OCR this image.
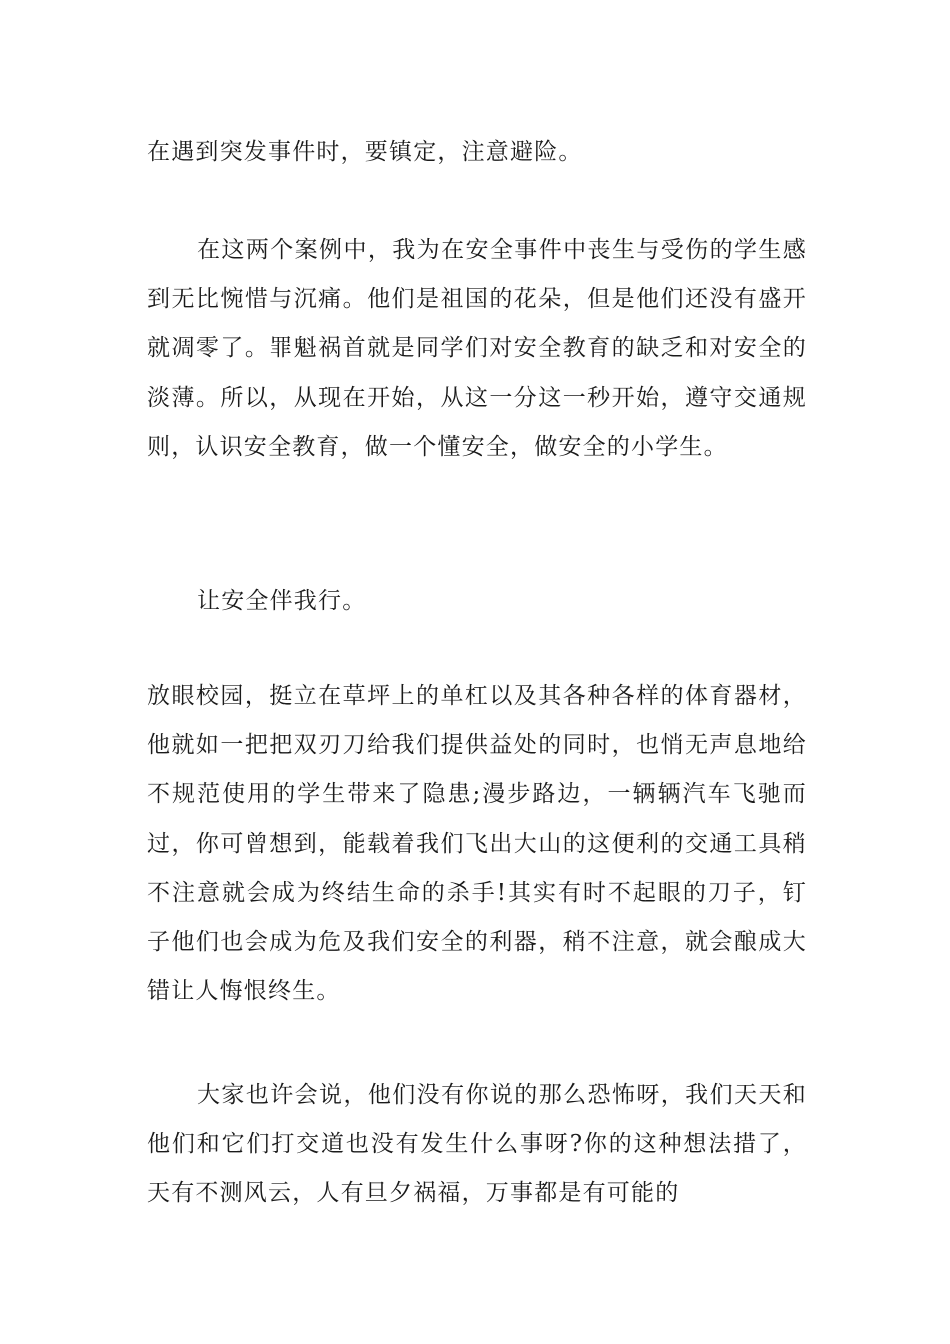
在遇到突发事件时，要镇定，注意避险。

在这两个案例中，我为在安全事件中丧生与受伤的学生感到无比惋惜与沉痛。他们是祖国的花朵，但是他们还没有盛开就凋零了。罪魁祸首就是同学们对安全教育的缺乏和对安全的淡薄。所以，从现在开始，从这一分这一秒开始，遵守交通规则，认识安全教育，做一个懂安全，做安全的小学生。

让安全伴我行。

放眼校园，挺立在草坪上的单杠以及其各种各样的体育器材，他就如一把把双刃刀给我们提供益处的同时，也悄无声息地给不规范使用的学生带来了隐患;漫步路边，一辆辆汽车飞驰而过，你可曾想到，能载着我们飞出大山的这便利的交通工具稍不注意就会成为终结生命的杀手!其实有时不起眼的刀子，钉子他们也会成为危及我们安全的利器，稍不注意，就会酿成大错让人悔恨终生。

大家也许会说，他们没有你说的那么恐怖呀，我们天天和他们和它们打交道也没有发生什么事呀?你的这种想法措了，天有不测风云，人有旦夕祸福，万事都是有可能的
